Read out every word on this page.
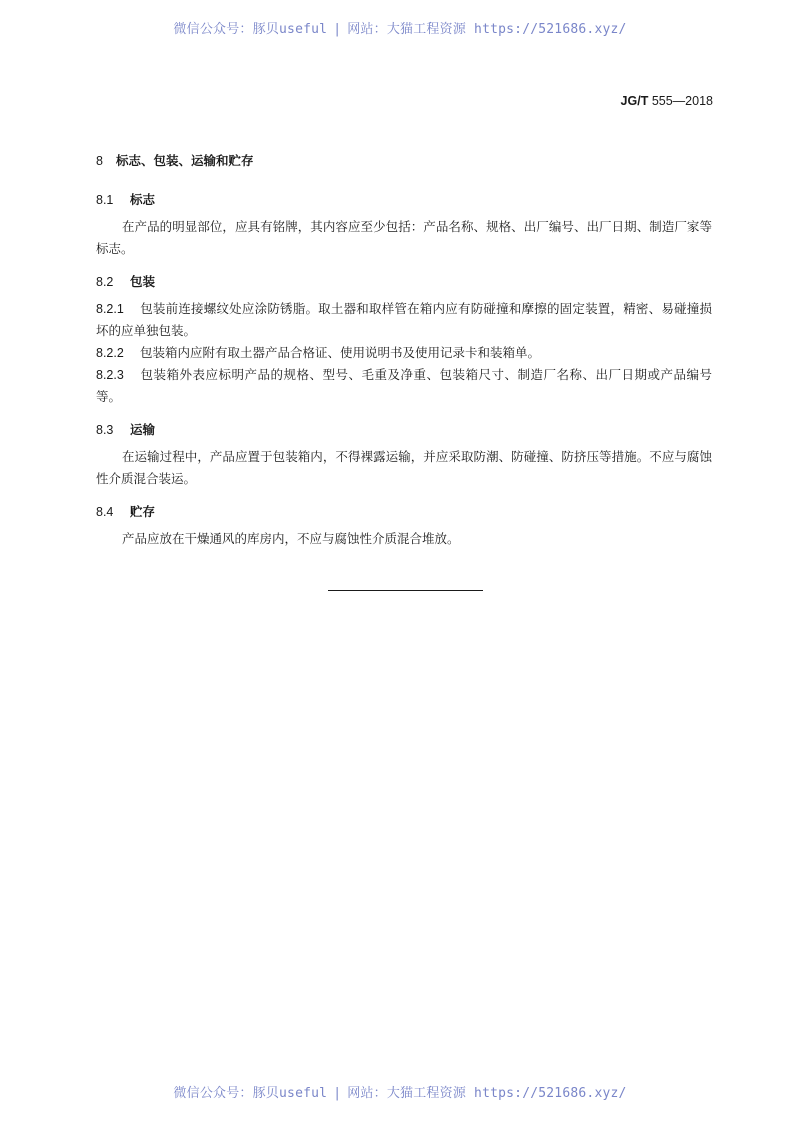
微信公众号：豚贝useful | 网站：大猫工程资源 https://521686.xyz/
JG/T 555—2018
8 标志、包装、运输和贮存
8.1 标志

在产品的明显部位，应具有铭牌，其内容应至少包括：产品名称、规格、出厂编号、出厂日期、制造厂家等标志。

8.2 包装

8.2.1 包装前连接螺纹处应涂防锈脂。取土器和取样管在箱内应有防碰撞和摩擦的固定装置，精密、易碰撞损坏的应单独包装。

8.2.2 包装箱内应附有取土器产品合格证、使用说明书及使用记录卡和装箱单。

8.2.3 包装箱外表应标明产品的规格、型号、毛重及净重、包装箱尺寸、制造厂名称、出厂日期或产品编号等。

8.3 运输

在运输过程中，产品应置于包装箱内，不得裸露运输，并应采取防潮、防碰撞、防挤压等措施。不应与腐蚀性介质混合装运。

8.4 贮存

产品应放在干燥通风的库房内，不应与腐蚀性介质混合堆放。

微信公众号：豚贝useful | 网站：大猫工程资源 https://521686.xyz/
